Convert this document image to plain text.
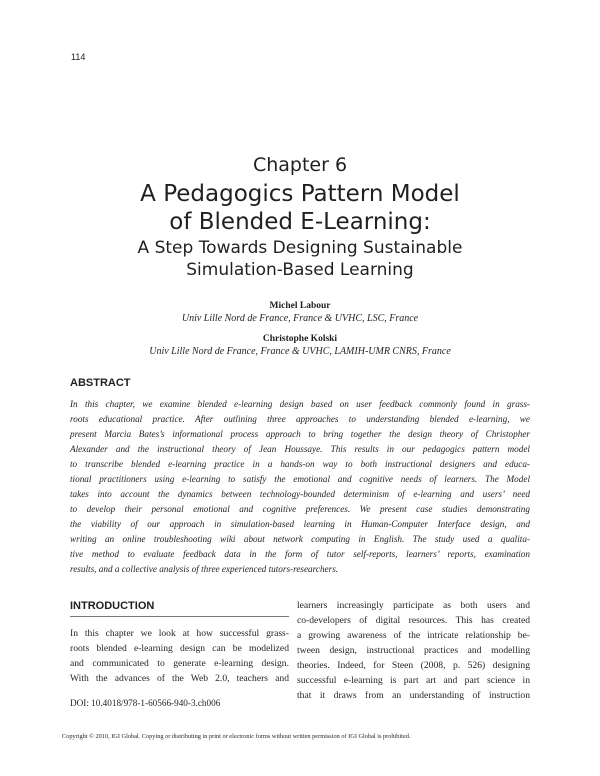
114
Chapter 6
A Pedagogics Pattern Model
of Blended E-Learning:
A Step Towards Designing Sustainable
Simulation-Based Learning
Michel Labour
Univ Lille Nord de France, France & UVHC, LSC, France
Christophe Kolski
Univ Lille Nord de France, France & UVHC, LAMIH-UMR CNRS, France
ABSTRACT
In this chapter, we examine blended e-learning design based on user feedback commonly found in grass-
roots educational practice. After outlining three approaches to understanding blended e-learning, we
present Marcia Bates’s informational process approach to bring together the design theory of Christopher
Alexander and the instructional theory of Jean Houssaye. This results in our pedagogics pattern model
to transcribe blended e-learning practice in a hands-on way to both instructional designers and educa-
tional practitioners using e-learning to satisfy the emotional and cognitive needs of learners. The Model
takes into account the dynamics between technology-bounded determinism of e-learning and users’ need
to develop their personal emotional and cognitive preferences. We present case studies demonstrating
the viability of our approach in simulation-based learning in Human-Computer Interface design, and
writing an online troubleshooting wiki about network computing in English. The study used a qualita-
tive method to evaluate feedback data in the form of tutor self-reports, learners’ reports, examination
results, and a collective analysis of three experienced tutors-researchers.
INTRODUCTION
In this chapter we look at how successful grass-
roots blended e-learning design can be modelized
and communicated to generate e-learning design.
With the advances of the Web 2.0, teachers and
learners increasingly participate as both users and
co-developers of digital resources. This has created
a growing awareness of the intricate relationship be-
tween design, instructional practices and modelling
theories. Indeed, for Steen (2008, p. 526) designing
successful e-learning is part art and part science in
that it draws from an understanding of instruction
DOI: 10.4018/978-1-60566-940-3.ch006
Copyright © 2010, IGI Global. Copying or distributing in print or electronic forms without written permission of IGI Global is prohibited.
